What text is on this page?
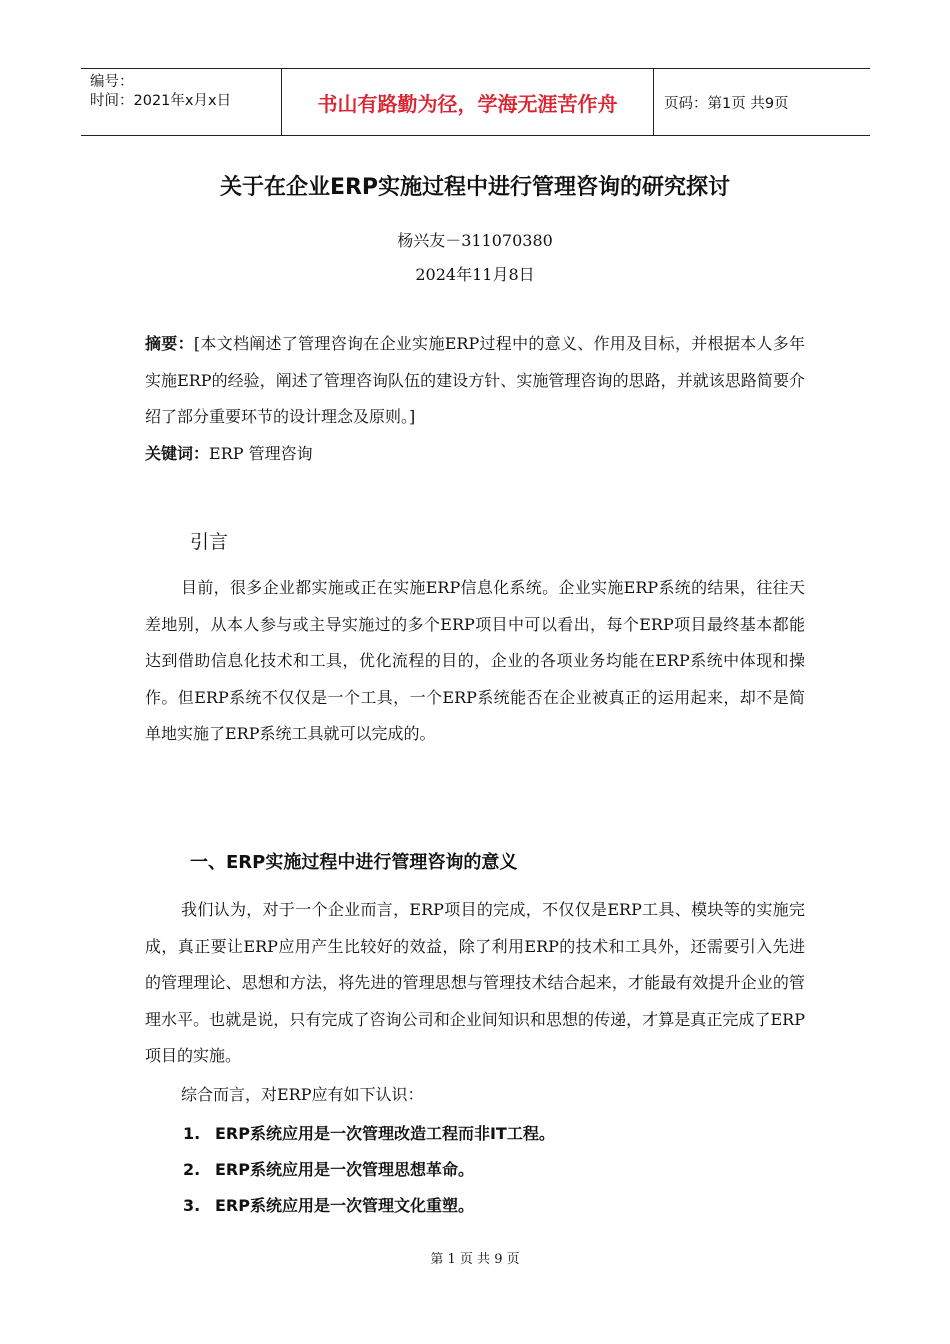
编号：
时间：2021年x月x日	书山有路勤为径，学海无涯苦作舟	页码：第1页 共9页
关于在企业ERP实施过程中进行管理咨询的研究探讨
杨兴友－311070380
2024年11月8日
摘要：[本文档阐述了管理咨询在企业实施ERP过程中的意义、作用及目标，并根据本人多年实施ERP的经验，阐述了管理咨询队伍的建设方针、实施管理咨询的思路，并就该思路简要介绍了部分重要环节的设计理念及原则。]
关键词：ERP 管理咨询
引言
目前，很多企业都实施或正在实施ERP信息化系统。企业实施ERP系统的结果，往往天差地别，从本人参与或主导实施过的多个ERP项目中可以看出，每个ERP项目最终基本都能达到借助信息化技术和工具，优化流程的目的，企业的各项业务均能在ERP系统中体现和操作。但ERP系统不仅仅是一个工具，一个ERP系统能否在企业被真正的运用起来，却不是简单地实施了ERP系统工具就可以完成的。
一、ERP实施过程中进行管理咨询的意义
我们认为，对于一个企业而言，ERP项目的完成，不仅仅是ERP工具、模块等的实施完成，真正要让ERP应用产生比较好的效益，除了利用ERP的技术和工具外，还需要引入先进的管理理论、思想和方法，将先进的管理思想与管理技术结合起来，才能最有效提升企业的管理水平。也就是说，只有完成了咨询公司和企业间知识和思想的传递，才算是真正完成了ERP项目的实施。
综合而言，对ERP应有如下认识：
1. ERP系统应用是一次管理改造工程而非IT工程。
2. ERP系统应用是一次管理思想革命。
3. ERP系统应用是一次管理文化重塑。
第 1 页 共 9 页
